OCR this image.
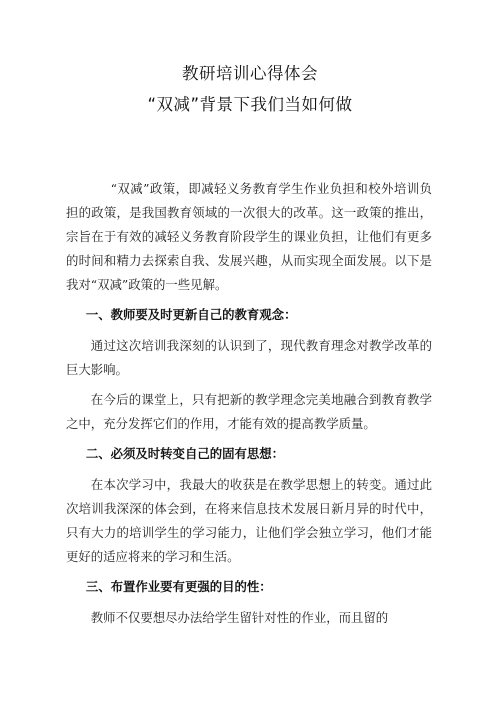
教研培训心得体会
“双减”背景下我们当如何做

“双减”政策，即减轻义务教育学生作业负担和校外培训负担的政策，是我国教育领域的一次很大的改革。这一政策的推出，宗旨在于有效的减轻义务教育阶段学生的课业负担，让他们有更多的时间和精力去探索自我、发展兴趣，从而实现全面发展。以下是我对“双减”政策的一些见解。

一、教师要及时更新自己的教育观念：

通过这次培训我深刻的认识到了，现代教育理念对教学改革的巨大影响。

在今后的课堂上，只有把新的教学理念完美地融合到教育教学之中，充分发挥它们的作用，才能有效的提高教学质量。

二、必须及时转变自己的固有思想：

在本次学习中，我最大的收获是在教学思想上的转变。通过此次培训我深深的体会到，在将来信息技术发展日新月异的时代中，只有大力的培训学生的学习能力，让他们学会独立学习，他们才能更好的适应将来的学习和生活。

三、布置作业要有更强的目的性：

教师不仅要想尽办法给学生留针对性的作业，而且留的
